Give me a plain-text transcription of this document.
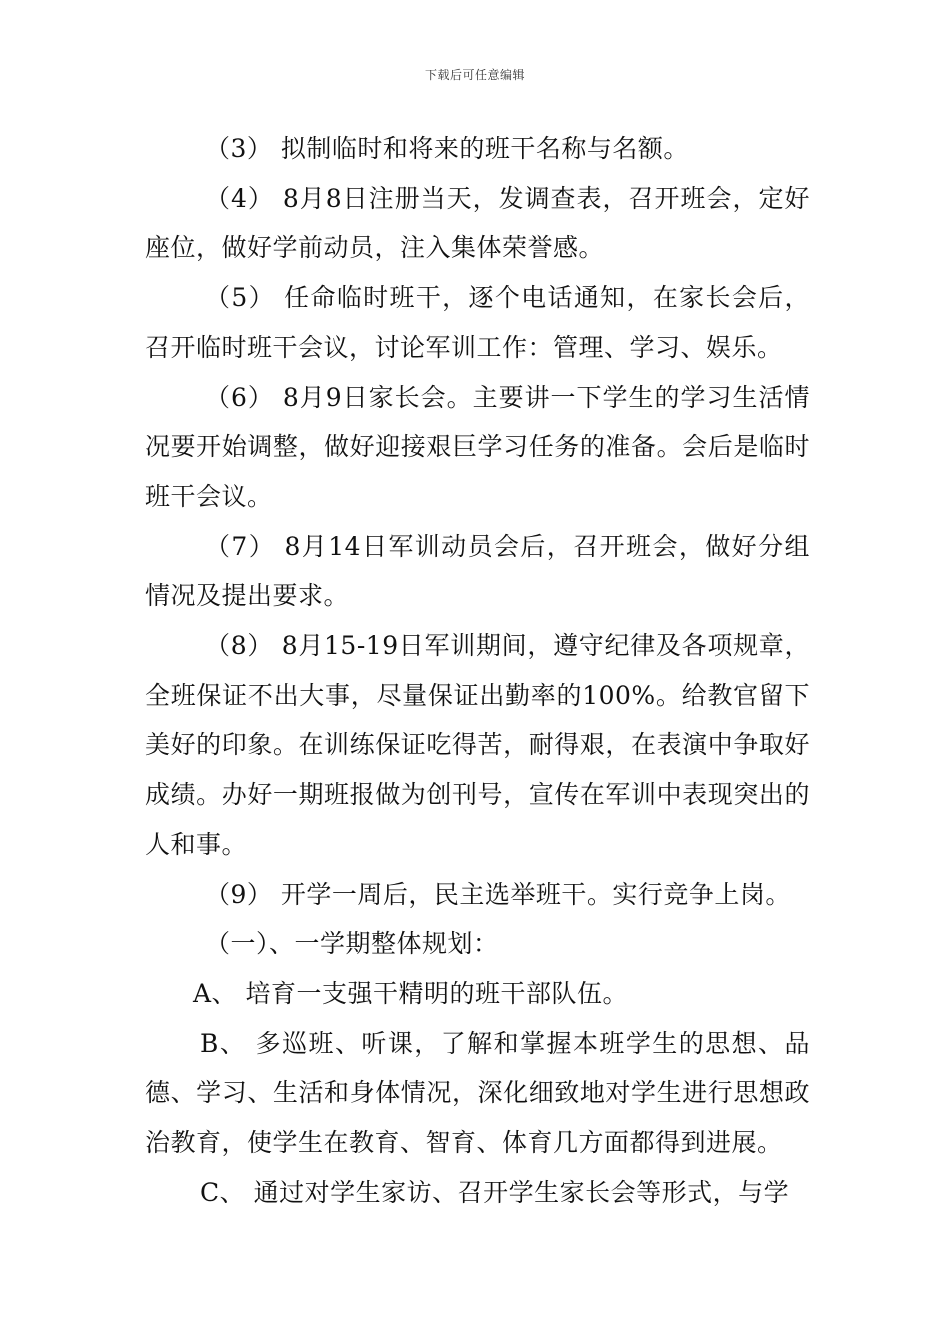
下载后可任意编辑

（3） 拟制临时和将来的班干名称与名额。

（4） 8月8日注册当天，发调查表，召开班会，定好座位，做好学前动员，注入集体荣誉感。

（5） 任命临时班干，逐个电话通知，在家长会后，召开临时班干会议，讨论军训工作：管理、学习、娱乐。

（6） 8月9日家长会。主要讲一下学生的学习生活情况要开始调整，做好迎接艰巨学习任务的准备。会后是临时班干会议。

（7） 8月14日军训动员会后，召开班会，做好分组情况及提出要求。

（8） 8月15-19日军训期间，遵守纪律及各项规章，全班保证不出大事，尽量保证出勤率的100%。给教官留下美好的印象。在训练保证吃得苦，耐得艰，在表演中争取好成绩。办好一期班报做为创刊号，宣传在军训中表现突出的人和事。

（9） 开学一周后，民主选举班干。实行竞争上岗。

（一）、一学期整体规划：

A、 培育一支强干精明的班干部队伍。

B、 多巡班、听课，了解和掌握本班学生的思想、品德、学习、生活和身体情况，深化细致地对学生进行思想政治教育，使学生在教育、智育、体育几方面都得到进展。

C、 通过对学生家访、召开学生家长会等形式，与学
